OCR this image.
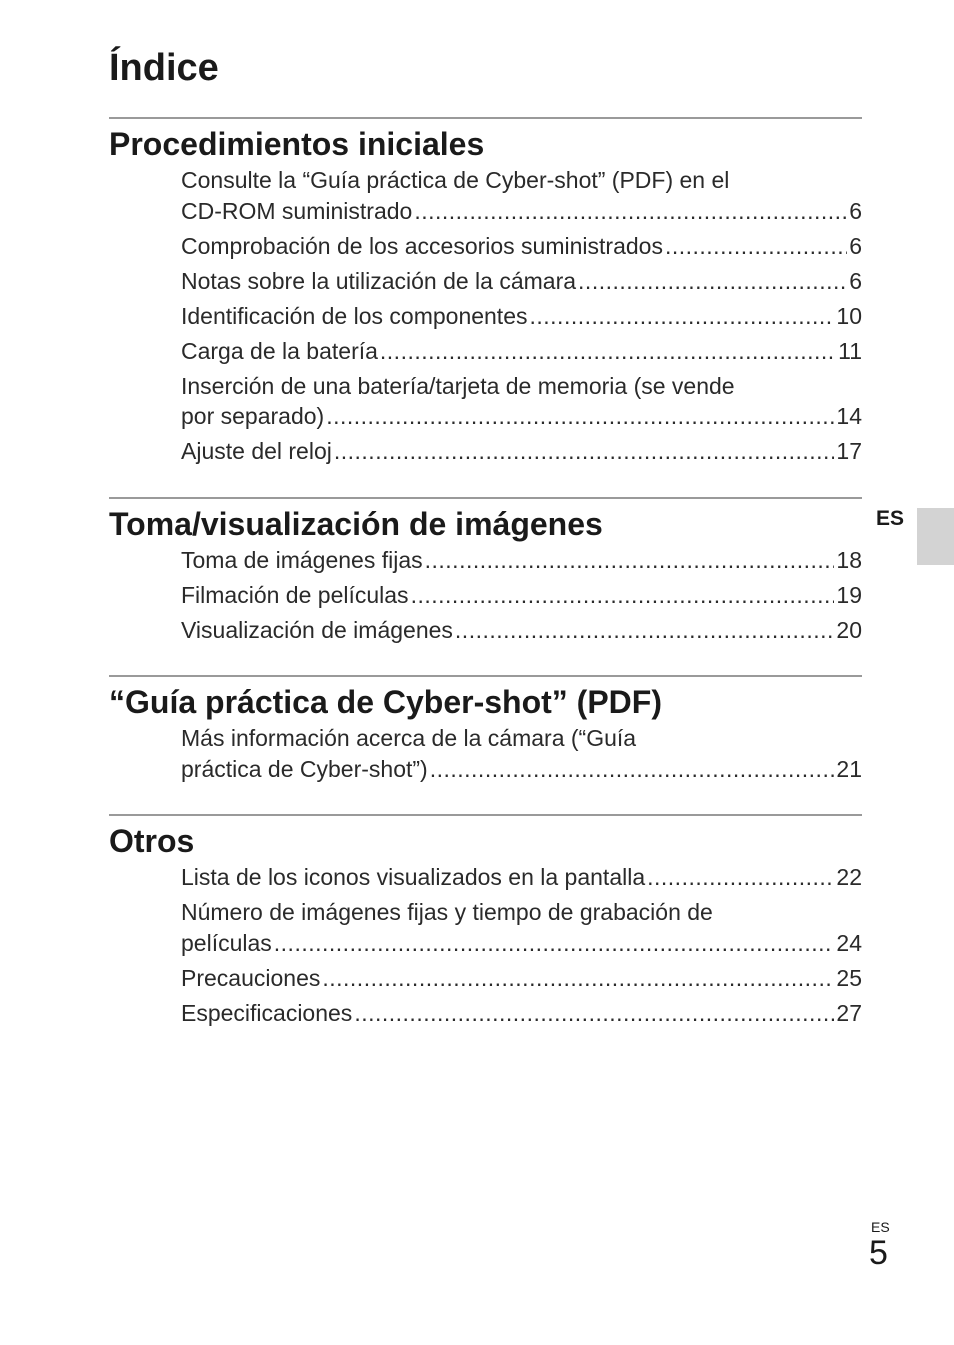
Índice
Procedimientos iniciales
Consulte la “Guía práctica de Cyber-shot” (PDF) en el
CD-ROM suministrado .....	6
Comprobación de los accesorios suministrados .....	6
Notas sobre la utilización de la cámara .....	6
Identificación de los componentes .....	10
Carga de la batería .....	11
Inserción de una batería/tarjeta de memoria (se vende
por separado) .....	14
Ajuste del reloj .....	17
Toma/visualización de imágenes
Toma de imágenes fijas .....	18
Filmación de películas .....	19
Visualización de imágenes .....	20
“Guía práctica de Cyber-shot” (PDF)
Más información acerca de la cámara (“Guía
práctica de Cyber-shot”) .....	21
Otros
Lista de los iconos visualizados en la pantalla .....	22
Número de imágenes fijas y tiempo de grabación de
películas .....	24
Precauciones .....	25
Especificaciones .....	27
ES
ES
5
